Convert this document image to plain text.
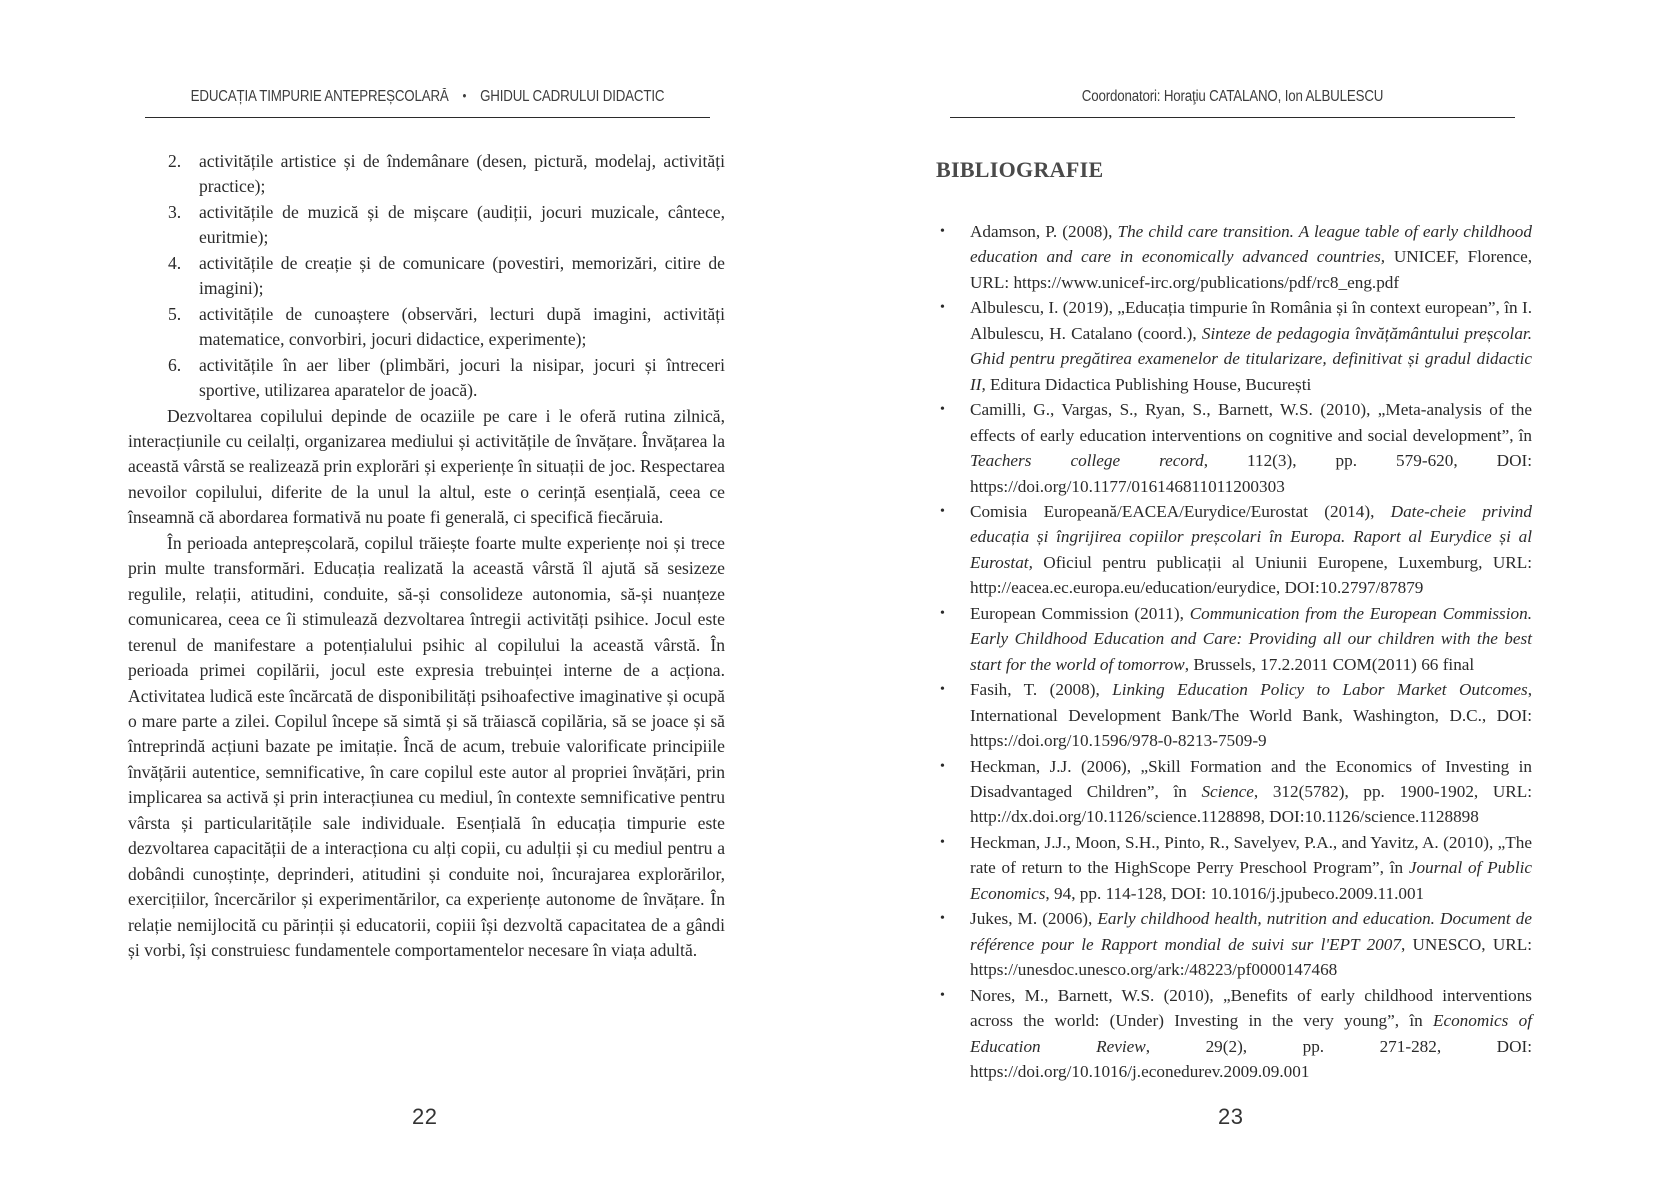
EDUCAȚIA TIMPURIE ANTEPREȘCOLARĂ • GHIDUL CADRULUI DIDACTIC
2. activitățile artistice și de îndemânare (desen, pictură, modelaj, activități practice);
3. activitățile de muzică și de mișcare (audiții, jocuri muzicale, cântece, euritmie);
4. activitățile de creație și de comunicare (povestiri, memorizări, citire de imagini);
5. activitățile de cunoaștere (observări, lecturi după imagini, activități matematice, convorbiri, jocuri didactice, experimente);
6. activitățile în aer liber (plimbări, jocuri la nisipar, jocuri și întreceri sportive, utilizarea aparatelor de joacă).

Dezvoltarea copilului depinde de ocaziile pe care i le oferă rutina zilnică, interacțiunile cu ceilalți, organizarea mediului și activitățile de învățare. Învățarea la această vârstă se realizează prin explorări și experiențe în situații de joc. Respectarea nevoilor copilului, diferite de la unul la altul, este o cerință esențială, ceea ce înseamnă că abordarea formativă nu poate fi generală, ci specifică fiecăruia.

În perioada antepreșcolară, copilul trăiește foarte multe experiențe noi și trece prin multe transformări. Educația realizată la această vârstă îl ajută să sesizeze regulile, relații, atitudini, conduite, să-și consolideze autonomia, să-și nuanțeze comunicarea, ceea ce îi stimulează dezvoltarea întregii activități psihice. Jocul este terenul de manifestare a potențialului psihic al copilului la această vârstă. În perioada primei copilării, jocul este expresia trebuinței interne de a acționa. Activitatea ludică este încărcată de disponibilități psihoafective imaginative și ocupă o mare parte a zilei. Copilul începe să simtă și să trăiască copilăria, să se joace și să întreprindă acțiuni bazate pe imitație. Încă de acum, trebuie valorificate principiile învățării autentice, semnificative, în care copilul este autor al propriei învățări, prin implicarea sa activă și prin interacțiunea cu mediul, în contexte semnificative pentru vârsta și particularitățile sale individuale. Esențială în educația timpurie este dezvoltarea capacității de a interacționa cu alți copii, cu adulții și cu mediul pentru a dobândi cunoștințe, deprinderi, atitudini și conduite noi, încurajarea explorărilor, exercițiilor, încercărilor și experimentărilor, ca experiențe autonome de învățare. În relație nemijlocită cu părinții și educatorii, copiii își dezvoltă capacitatea de a gândi și vorbi, își construiesc fundamentele comportamentelor necesare în viața adultă.

22
Coordonatori: Horaţiu CATALANO, Ion ALBULESCU
BIBLIOGRAFIE
• Adamson, P. (2008), The child care transition. A league table of early childhood education and care in economically advanced countries, UNICEF, Florence, URL: https://www.unicef-irc.org/publications/pdf/rc8_eng.pdf
• Albulescu, I. (2019), „Educația timpurie în România și în context european”, în I. Albulescu, H. Catalano (coord.), Sinteze de pedagogia învățământului preșcolar. Ghid pentru pregătirea examenelor de titularizare, definitivat și gradul didactic II, Editura Didactica Publishing House, București
• Camilli, G., Vargas, S., Ryan, S., Barnett, W.S. (2010), „Meta-analysis of the effects of early education interventions on cognitive and social development”, în Teachers college record, 112(3), pp. 579-620, DOI: https://doi.org/10.1177/016146811011200303
• Comisia Europeană/EACEA/Eurydice/Eurostat (2014), Date-cheie privind educația și îngrijirea copiilor preșcolari în Europa. Raport al Eurydice și al Eurostat, Oficiul pentru publicații al Uniunii Europene, Luxemburg, URL: http://eacea.ec.europa.eu/education/eurydice, DOI:10.2797/87879
• European Commission (2011), Communication from the European Commission. Early Childhood Education and Care: Providing all our children with the best start for the world of tomorrow, Brussels, 17.2.2011 COM(2011) 66 final
• Fasih, T. (2008), Linking Education Policy to Labor Market Outcomes, International Development Bank/The World Bank, Washington, D.C., DOI: https://doi.org/10.1596/978-0-8213-7509-9
• Heckman, J.J. (2006), „Skill Formation and the Economics of Investing in Disadvantaged Children”, în Science, 312(5782), pp. 1900-1902, URL: http://dx.doi.org/10.1126/science.1128898, DOI:10.1126/science.1128898
• Heckman, J.J., Moon, S.H., Pinto, R., Savelyev, P.A., and Yavitz, A. (2010), „The rate of return to the HighScope Perry Preschool Program”, în Journal of Public Economics, 94, pp. 114-128, DOI: 10.1016/j.jpubeco.2009.11.001
• Jukes, M. (2006), Early childhood health, nutrition and education. Document de référence pour le Rapport mondial de suivi sur l'EPT 2007, UNESCO, URL: https://unesdoc.unesco.org/ark:/48223/pf0000147468
• Nores, M., Barnett, W.S. (2010), „Benefits of early childhood interventions across the world: (Under) Investing in the very young”, în Economics of Education Review, 29(2), pp. 271-282, DOI: https://doi.org/10.1016/j.econedurev.2009.09.001
23
